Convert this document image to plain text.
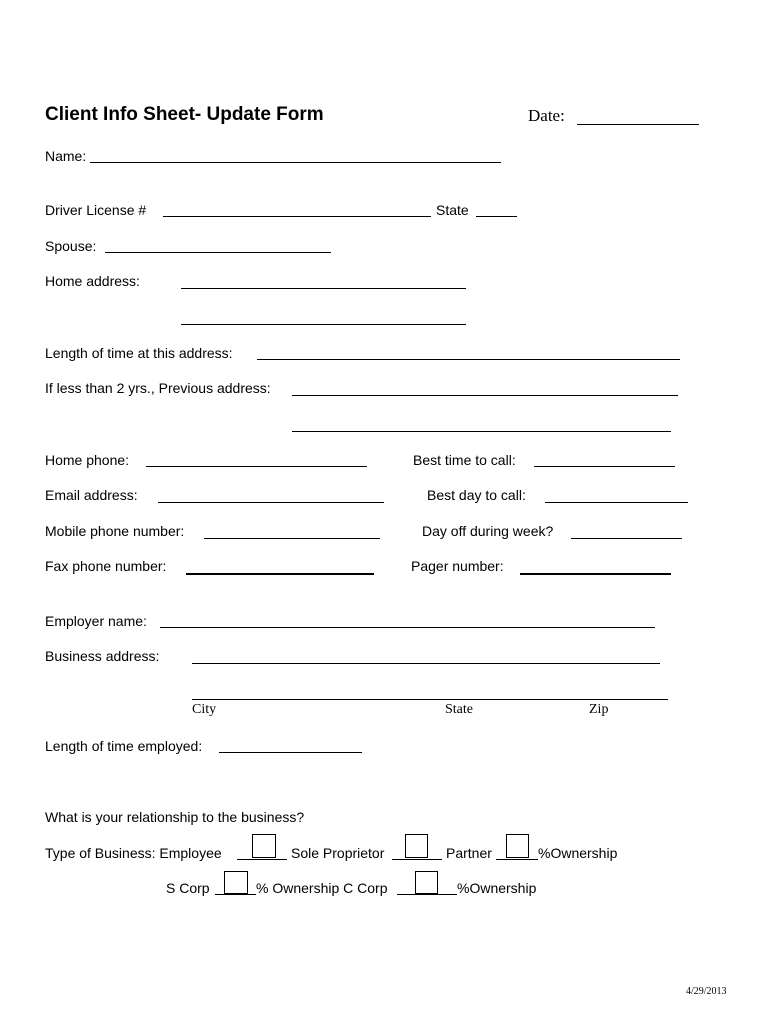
Client Info Sheet- Update Form	Date:
Name:
Driver License #	State
Spouse:
Home address:
Length of time at this address:
If less than 2 yrs., Previous address:
Home phone:	Best time to call:
Email address:	Best day to call:
Mobile phone number:	Day off during week?
Fax phone number:	Pager number:
Employer name:
Business address:
City	State	Zip
Length of time employed:
What is your relationship to the business?
Type of Business: Employee	Sole Proprietor	Partner	%Ownership
S Corp	% Ownership C Corp	%Ownership
4/29/2013
